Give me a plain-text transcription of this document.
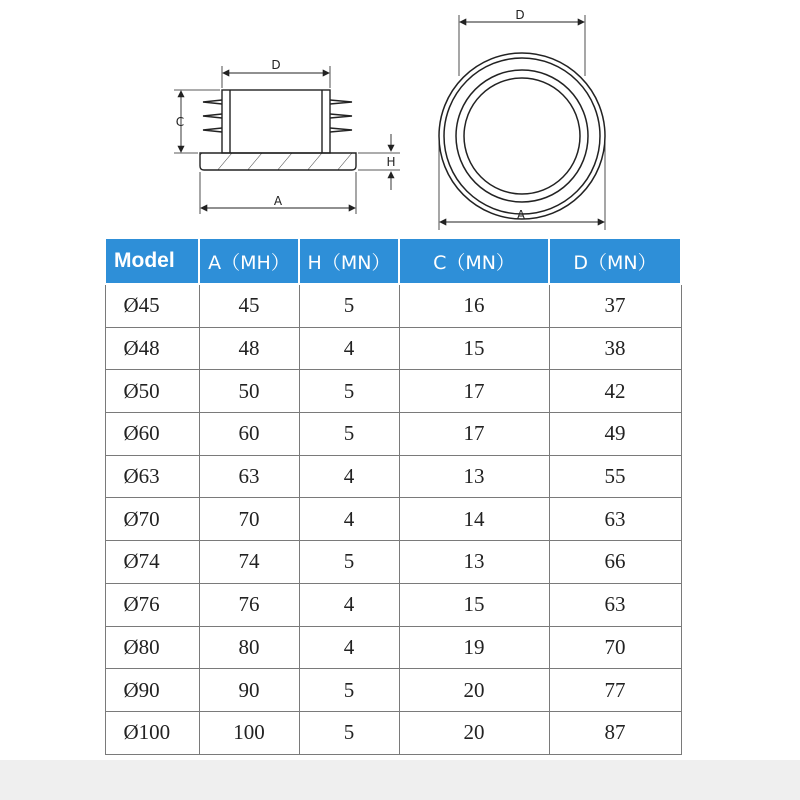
D
C
H
A
D
A
Model	A（MH）	H（MN）	C（MN）	D（MN）
Ø45	45	5	16	37
Ø48	48	4	15	38
Ø50	50	5	17	42
Ø60	60	5	17	49
Ø63	63	4	13	55
Ø70	70	4	14	63
Ø74	74	5	13	66
Ø76	76	4	15	63
Ø80	80	4	19	70
Ø90	90	5	20	77
Ø100	100	5	20	87
